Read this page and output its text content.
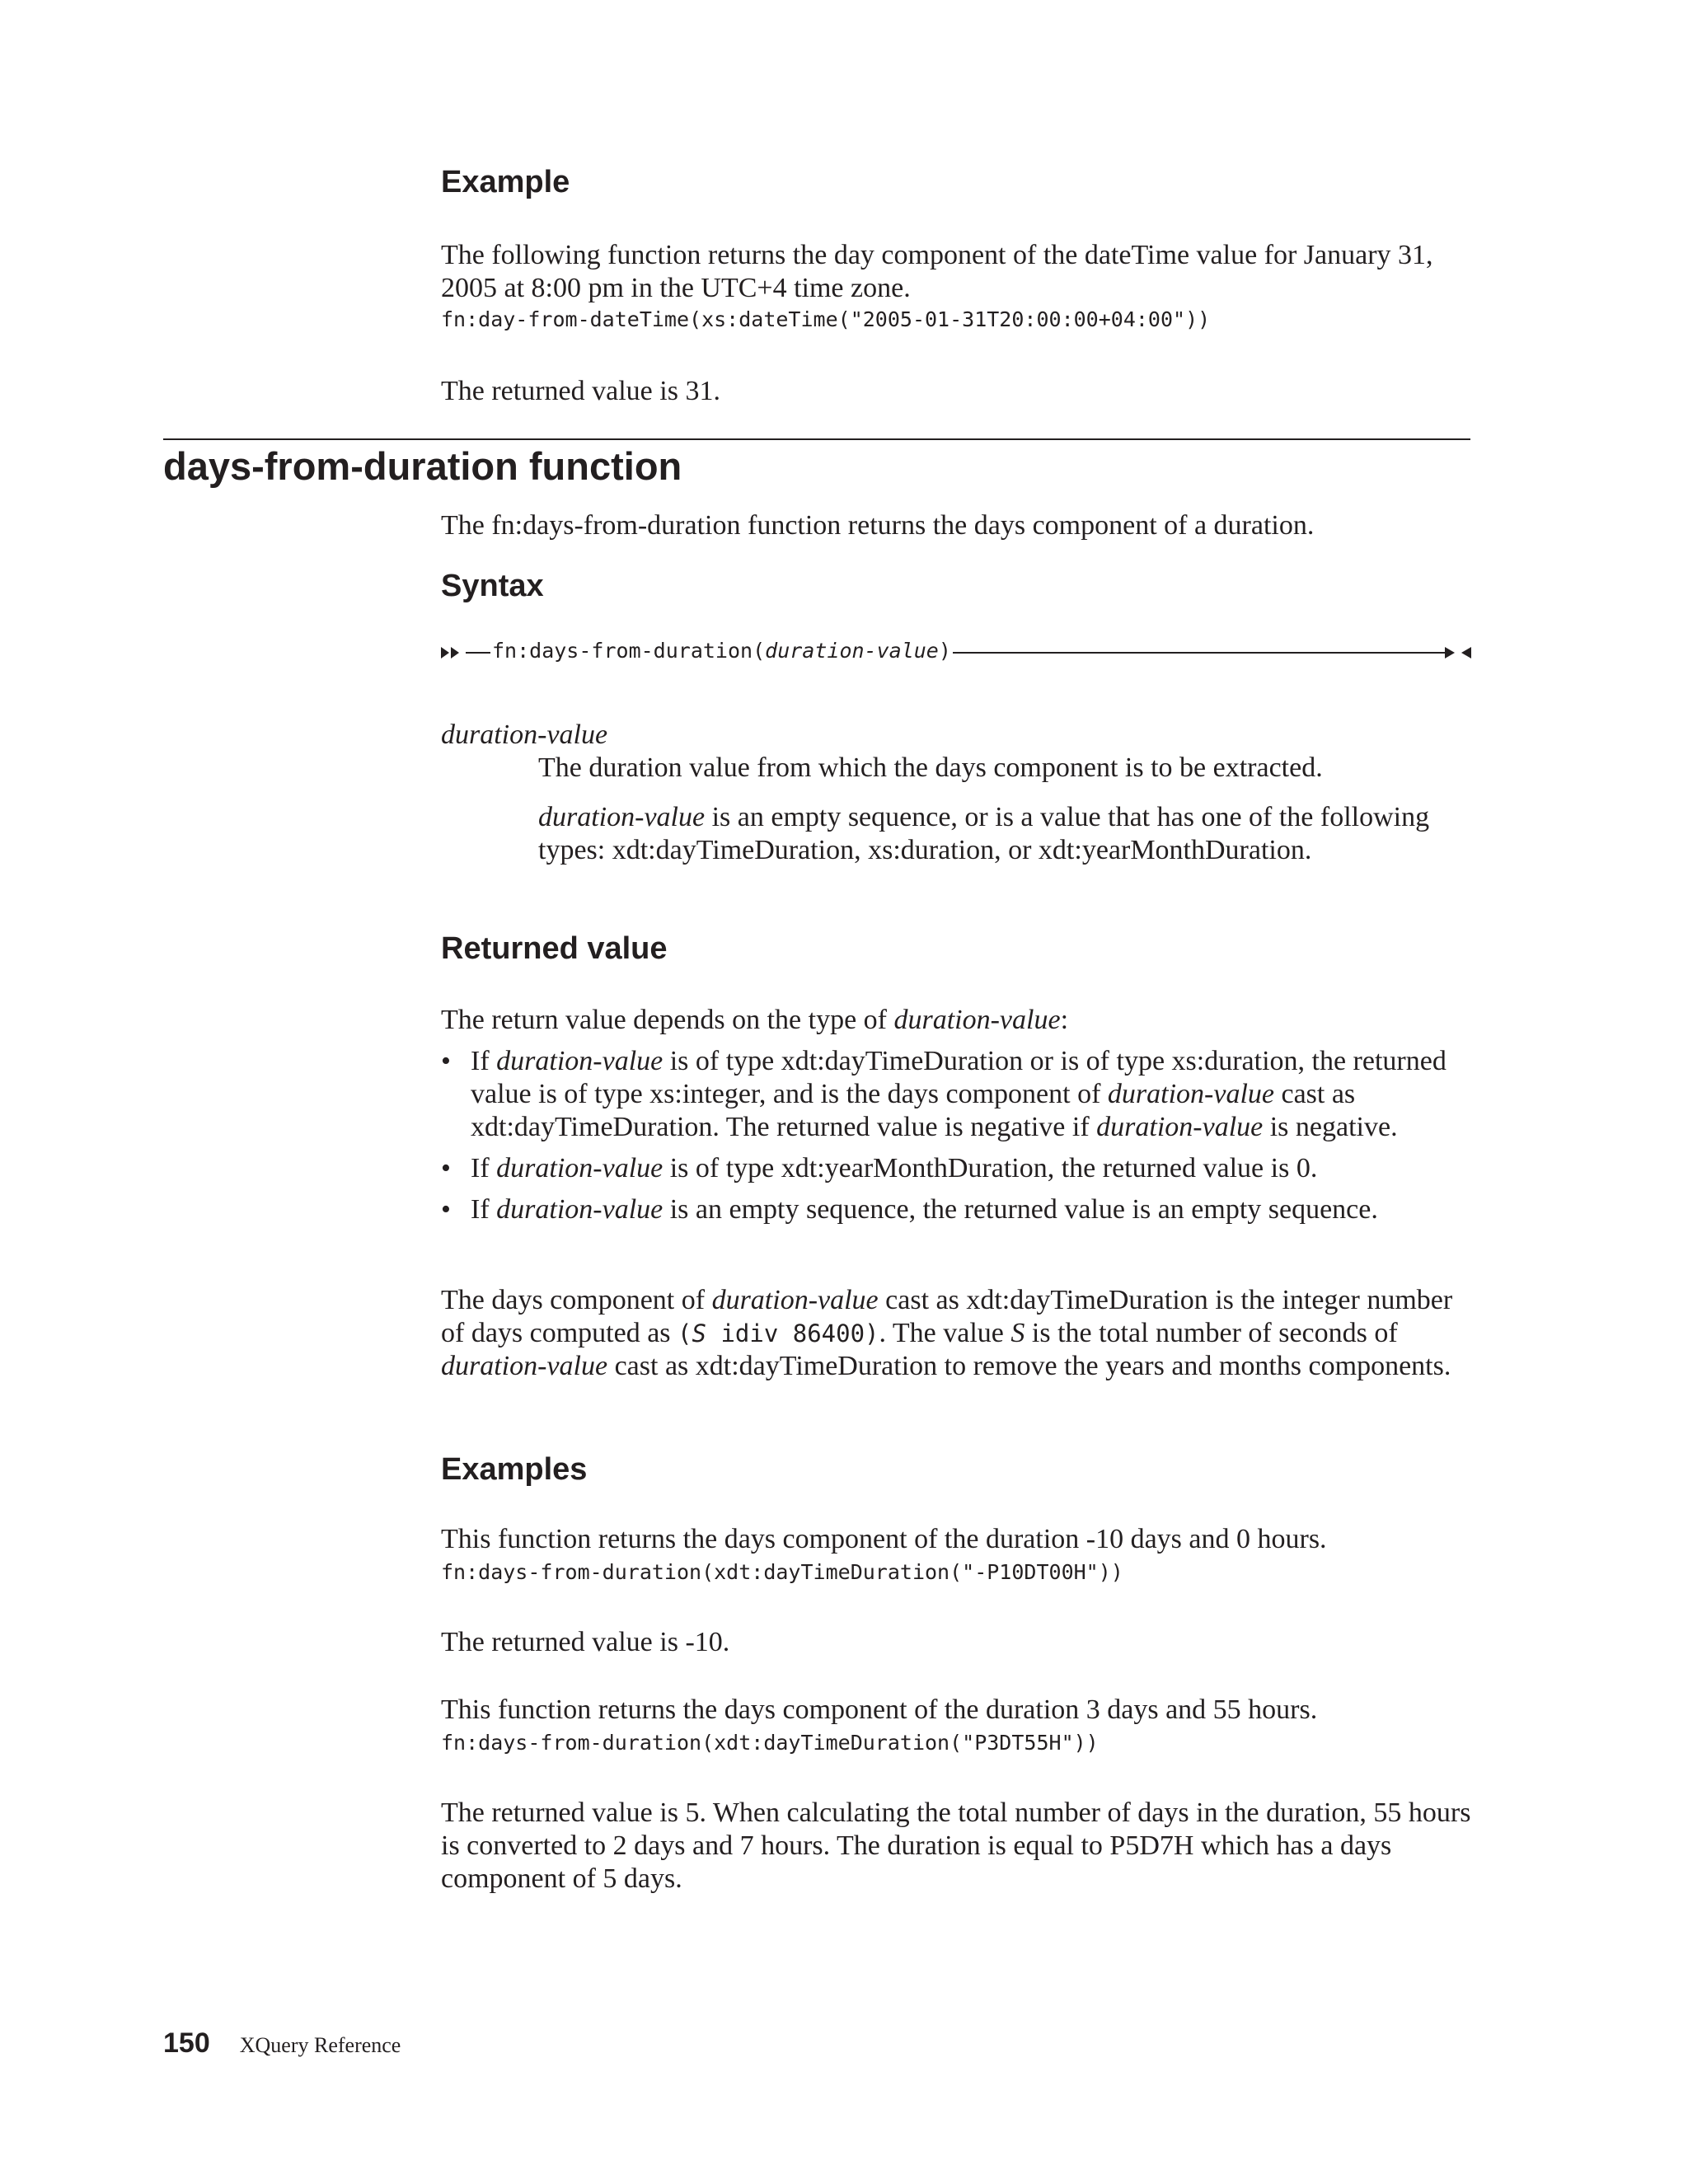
Example

The following function returns the day component of the dateTime value for January 31, 2005 at 8:00 pm in the UTC+4 time zone.

fn:day-from-dateTime(xs:dateTime("2005-01-31T20:00:00+04:00"))

The returned value is 31.

days-from-duration function

The fn:days-from-duration function returns the days component of a duration.

Syntax
fn:days-from-duration(duration-value)

duration-value

The duration value from which the days component is to be extracted.

duration-value is an empty sequence, or is a value that has one of the following types: xdt:dayTimeDuration, xs:duration, or xdt:yearMonthDuration.

Returned value

The return value depends on the type of duration-value:

• If duration-value is of type xdt:dayTimeDuration or is of type xs:duration, the returned value is of type xs:integer, and is the days component of duration-value cast as xdt:dayTimeDuration. The returned value is negative if duration-value is negative.
• If duration-value is of type xdt:yearMonthDuration, the returned value is 0.
• If duration-value is an empty sequence, the returned value is an empty sequence.

The days component of duration-value cast as xdt:dayTimeDuration is the integer number of days computed as (S idiv 86400). The value S is the total number of seconds of duration-value cast as xdt:dayTimeDuration to remove the years and months components.

Examples

This function returns the days component of the duration -10 days and 0 hours.

fn:days-from-duration(xdt:dayTimeDuration("-P10DT00H"))

The returned value is -10.

This function returns the days component of the duration 3 days and 55 hours.

fn:days-from-duration(xdt:dayTimeDuration("P3DT55H"))

The returned value is 5. When calculating the total number of days in the duration, 55 hours is converted to 2 days and 7 hours. The duration is equal to P5D7H which has a days component of 5 days.

150 XQuery Reference
